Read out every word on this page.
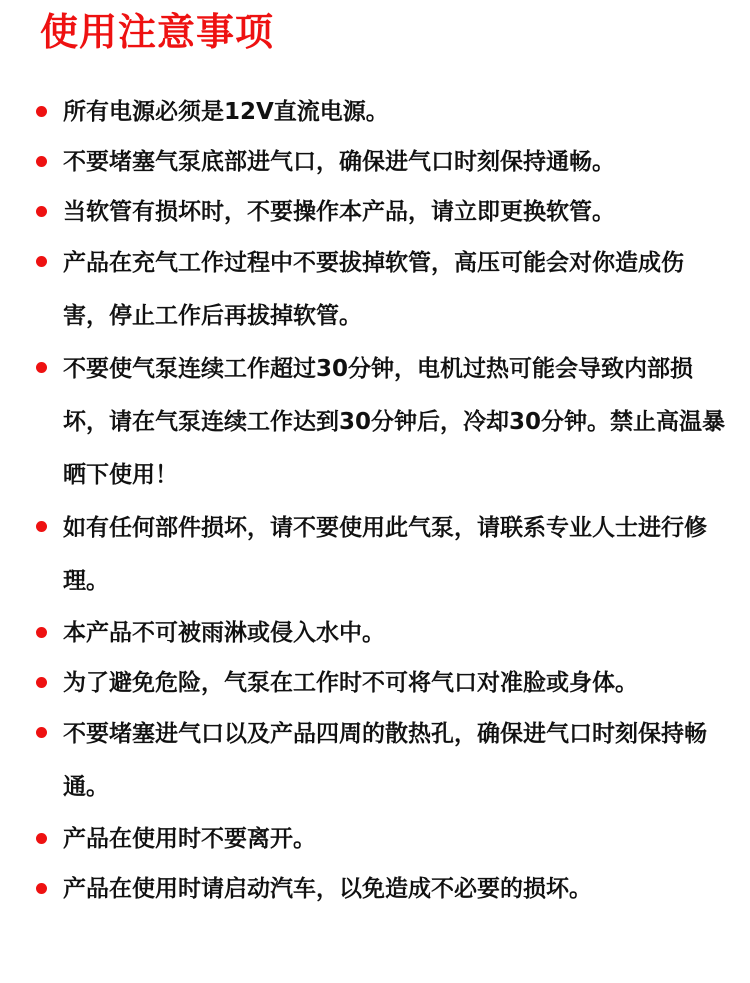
使用注意事项
所有电源必须是12V直流电源。
不要堵塞气泵底部进气口，确保进气口时刻保持通畅。
当软管有损坏时，不要操作本产品，请立即更换软管。
产品在充气工作过程中不要拔掉软管，高压可能会对你造成伤害，停止工作后再拔掉软管。
不要使气泵连续工作超过30分钟，电机过热可能会导致内部损坏，请在气泵连续工作达到30分钟后，冷却30分钟。禁止高温暴晒下使用！
如有任何部件损坏，请不要使用此气泵，请联系专业人士进行修理。
本产品不可被雨淋或侵入水中。
为了避免危险，气泵在工作时不可将气口对准脸或身体。
不要堵塞进气口以及产品四周的散热孔，确保进气口时刻保持畅通。
产品在使用时不要离开。
产品在使用时请启动汽车，以免造成不必要的损坏。
